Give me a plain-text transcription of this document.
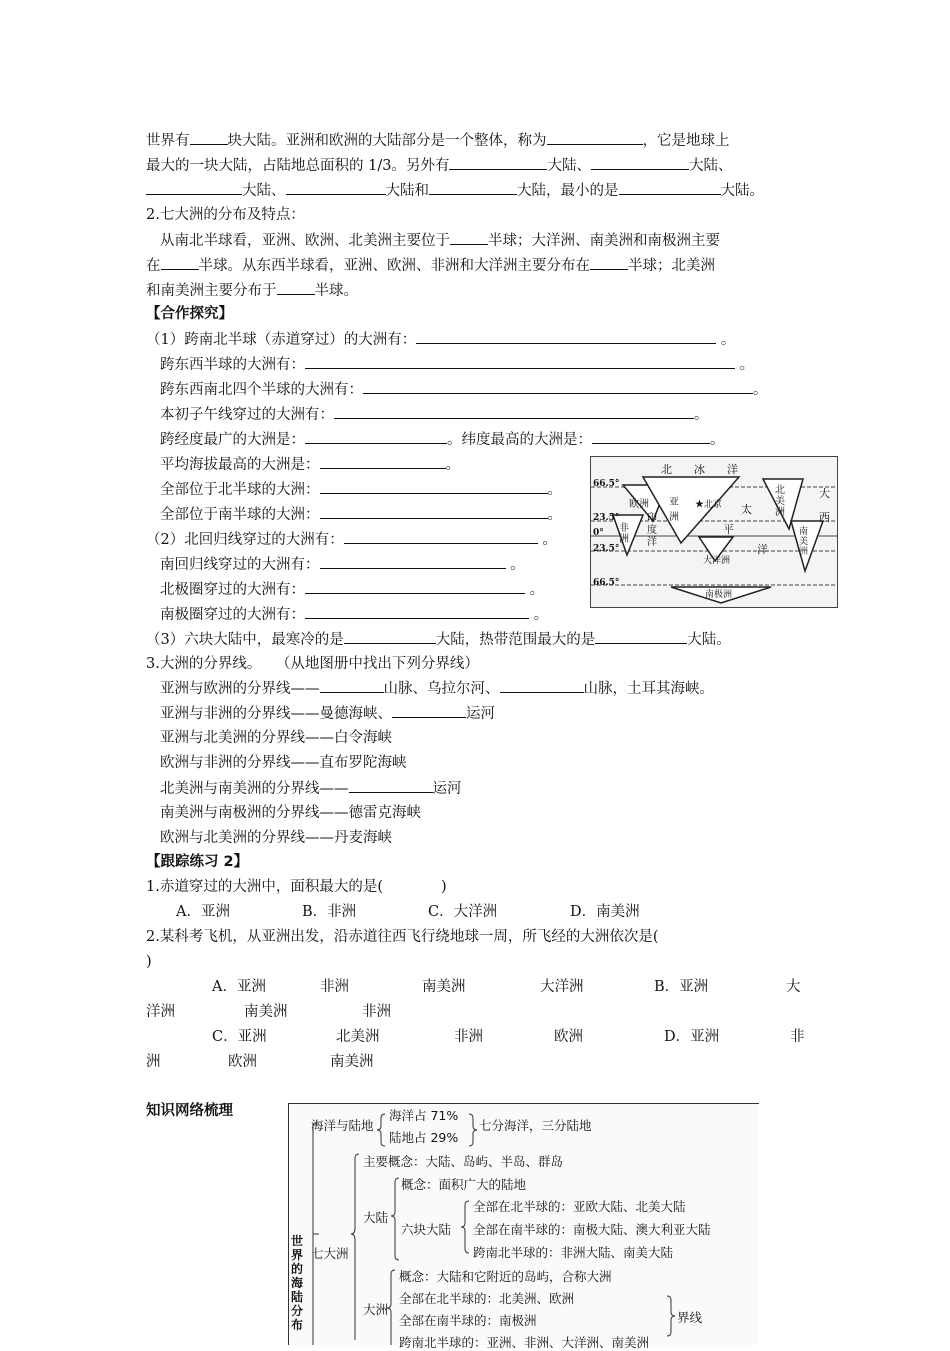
世界有	块大陆。亚洲和欧洲的大陆部分是一个整体，称为	，它是地球上
最大的一块大陆，占陆地总面积的 1/3。另外有	大陆、	大陆、
大陆、	大陆和	大陆，最小的是	大陆。
2.七大洲的分布及特点：
从南北半球看，亚洲、欧洲、北美洲主要位于	半球；大洋洲、南美洲和南极洲主要
在	半球。从东西半球看，亚洲、欧洲、非洲和大洋洲主要分布在	半球；北美洲
和南美洲主要分布于	半球。
【合作探究】
（1）跨南北半球（赤道穿过）的大洲有：	。
跨东西半球的大洲有：	。
跨东西南北四个半球的大洲有：	。
本初子午线穿过的大洲有：	。
跨经度最广的大洲是：	。纬度最高的大洲是：	。
平均海拔最高的大洲是：	。
全部位于北半球的大洲：	。
全部位于南半球的大洲：	。
（2）北回归线穿过的大洲有：	。
南回归线穿过的大洲有：	。
北极圈穿过的大洲有：	。
南极圈穿过的大洲有：	。
（3）六块大陆中，最寒冷的是	大陆，热带范围最大的是	大陆。
北　　冰　　洋
欧洲 亚 洲
★北京
北 美 洲
太
平
洋
大
西
印 度 洋
非 洲
南 美 洲
大洋洲
南极洲
66.5°
23.5°
0°
23.5°
66.5°
3.大洲的分界线。　　（从地图册中找出下列分界线）
亚洲与欧洲的分界线——	山脉、乌拉尔河、	山脉，土耳其海峡。
亚洲与非洲的分界线——曼德海峡、	运河
亚洲与北美洲的分界线——白令海峡
欧洲与非洲的分界线——直布罗陀海峡
北美洲与南美洲的分界线——	运河
南美洲与南极洲的分界线——德雷克海峡
欧洲与北美洲的分界线——丹麦海峡
【跟踪练习 2】
1.赤道穿过的大洲中，面积最大的是(　　　　)
A．亚洲	B．非洲	C．大洋洲	D．南美洲
2.某科考飞机，从亚洲出发，沿赤道往西飞行绕地球一周，所飞经的大洲依次是(
)
A．亚洲	非洲	南美洲	大洋洲	B．亚洲	大
洋洲	南美洲	非洲
C．亚洲	北美洲	非洲	欧洲	D．亚洲	非
洲	欧洲	南美洲
知识网络梳理
世界的海陆分布
海洋与陆地
海洋占 71%
陆地占 29%
七分海洋，三分陆地
七大洲
主要概念：大陆、岛屿、半岛、群岛
大陆
概念：面积广大的陆地
六块大陆
全部在北半球的：亚欧大陆、北美大陆
全部在南半球的：南极大陆、澳大利亚大陆
跨南北半球的：非洲大陆、南美大陆
大洲
概念：大陆和它附近的岛屿，合称大洲
全部在北半球的：北美洲、欧洲
全部在南半球的：南极洲
跨南北半球的：亚洲、非洲、大洋洲、南美洲
界线
